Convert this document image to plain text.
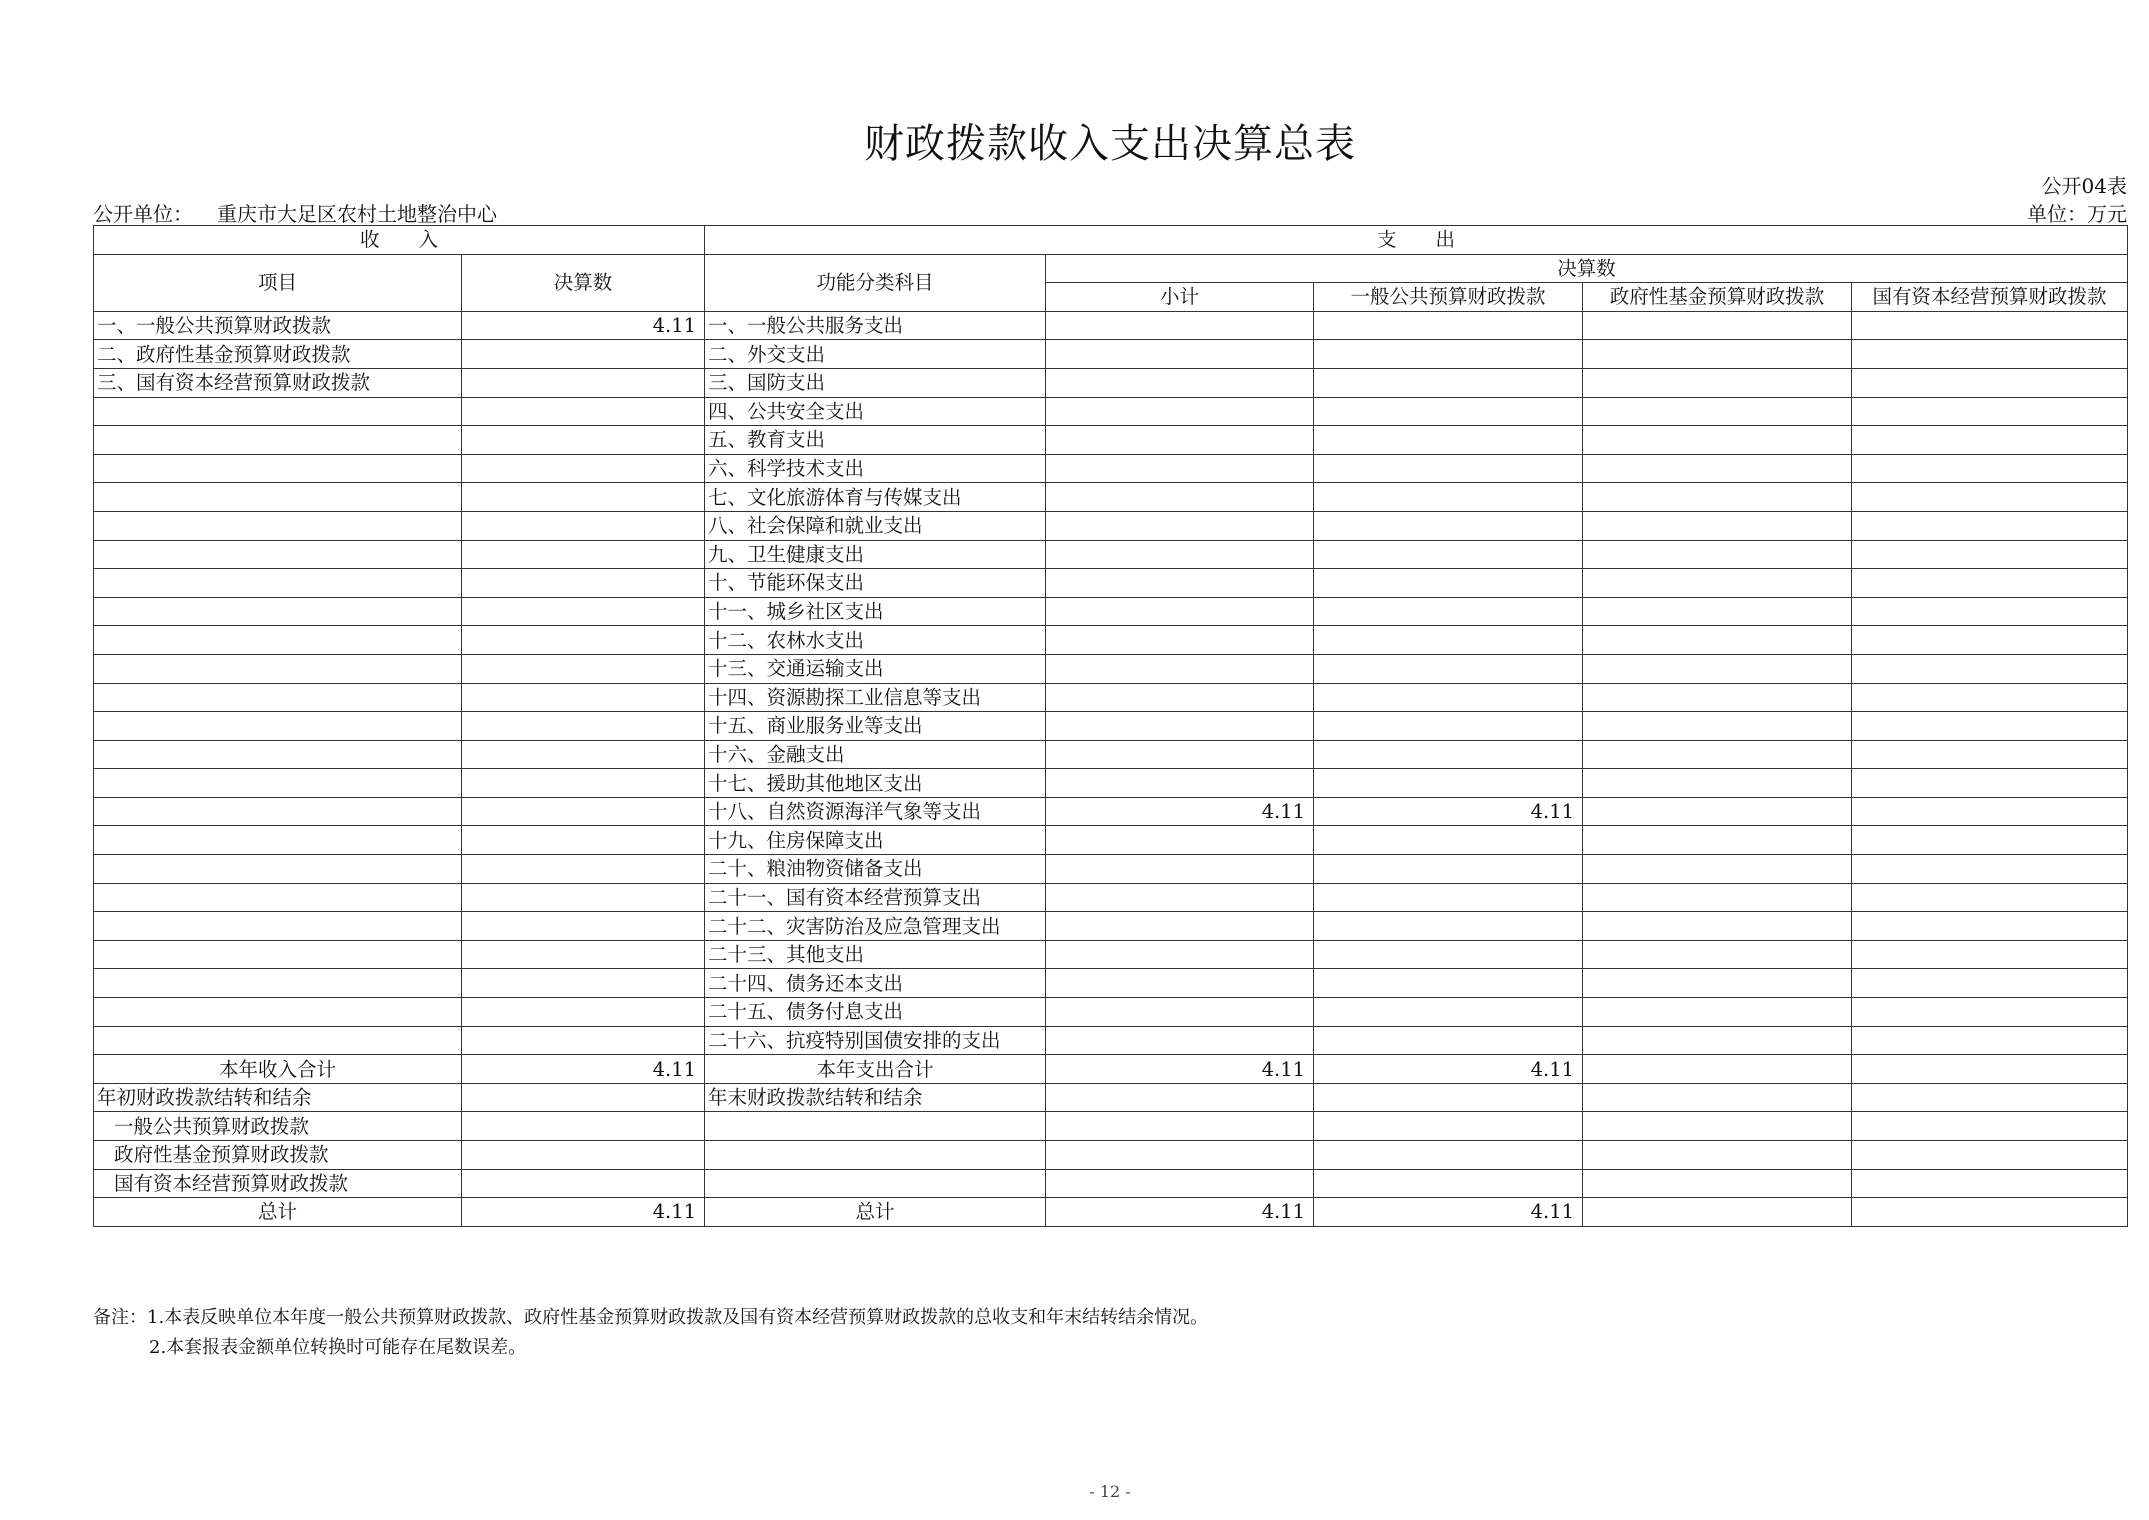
财政拨款收入支出决算总表
公开04表
公开单位： 重庆市大足区农村土地整治中心	单位：万元
收　　入		支　　出				
项目	决算数	功能分类科目	决算数			
			小计	一般公共预算财政拨款	政府性基金预算财政拨款	国有资本经营预算财政拨款
一、一般公共预算财政拨款	4.11	一、一般公共服务支出				
二、政府性基金预算财政拨款		二、外交支出				
三、国有资本经营预算财政拨款		三、国防支出				
		四、公共安全支出				
		五、教育支出				
		六、科学技术支出				
		七、文化旅游体育与传媒支出				
		八、社会保障和就业支出				
		九、卫生健康支出				
		十、节能环保支出				
		十一、城乡社区支出				
		十二、农林水支出				
		十三、交通运输支出				
		十四、资源勘探工业信息等支出				
		十五、商业服务业等支出				
		十六、金融支出				
		十七、援助其他地区支出				
		十八、自然资源海洋气象等支出	4.11	4.11		
		十九、住房保障支出				
		二十、粮油物资储备支出				
		二十一、国有资本经营预算支出				
		二十二、灾害防治及应急管理支出				
		二十三、其他支出				
		二十四、债务还本支出				
		二十五、债务付息支出				
		二十六、抗疫特别国债安排的支出				
本年收入合计	4.11	本年支出合计	4.11	4.11		
年初财政拨款结转和结余		年末财政拨款结转和结余				
一般公共预算财政拨款						
政府性基金预算财政拨款						
国有资本经营预算财政拨款						
总计	4.11	总计	4.11	4.11		
备注：1.本表反映单位本年度一般公共预算财政拨款、政府性基金预算财政拨款及国有资本经营预算财政拨款的总收支和年末结转结余情况。
2.本套报表金额单位转换时可能存在尾数误差。
- 12 -
